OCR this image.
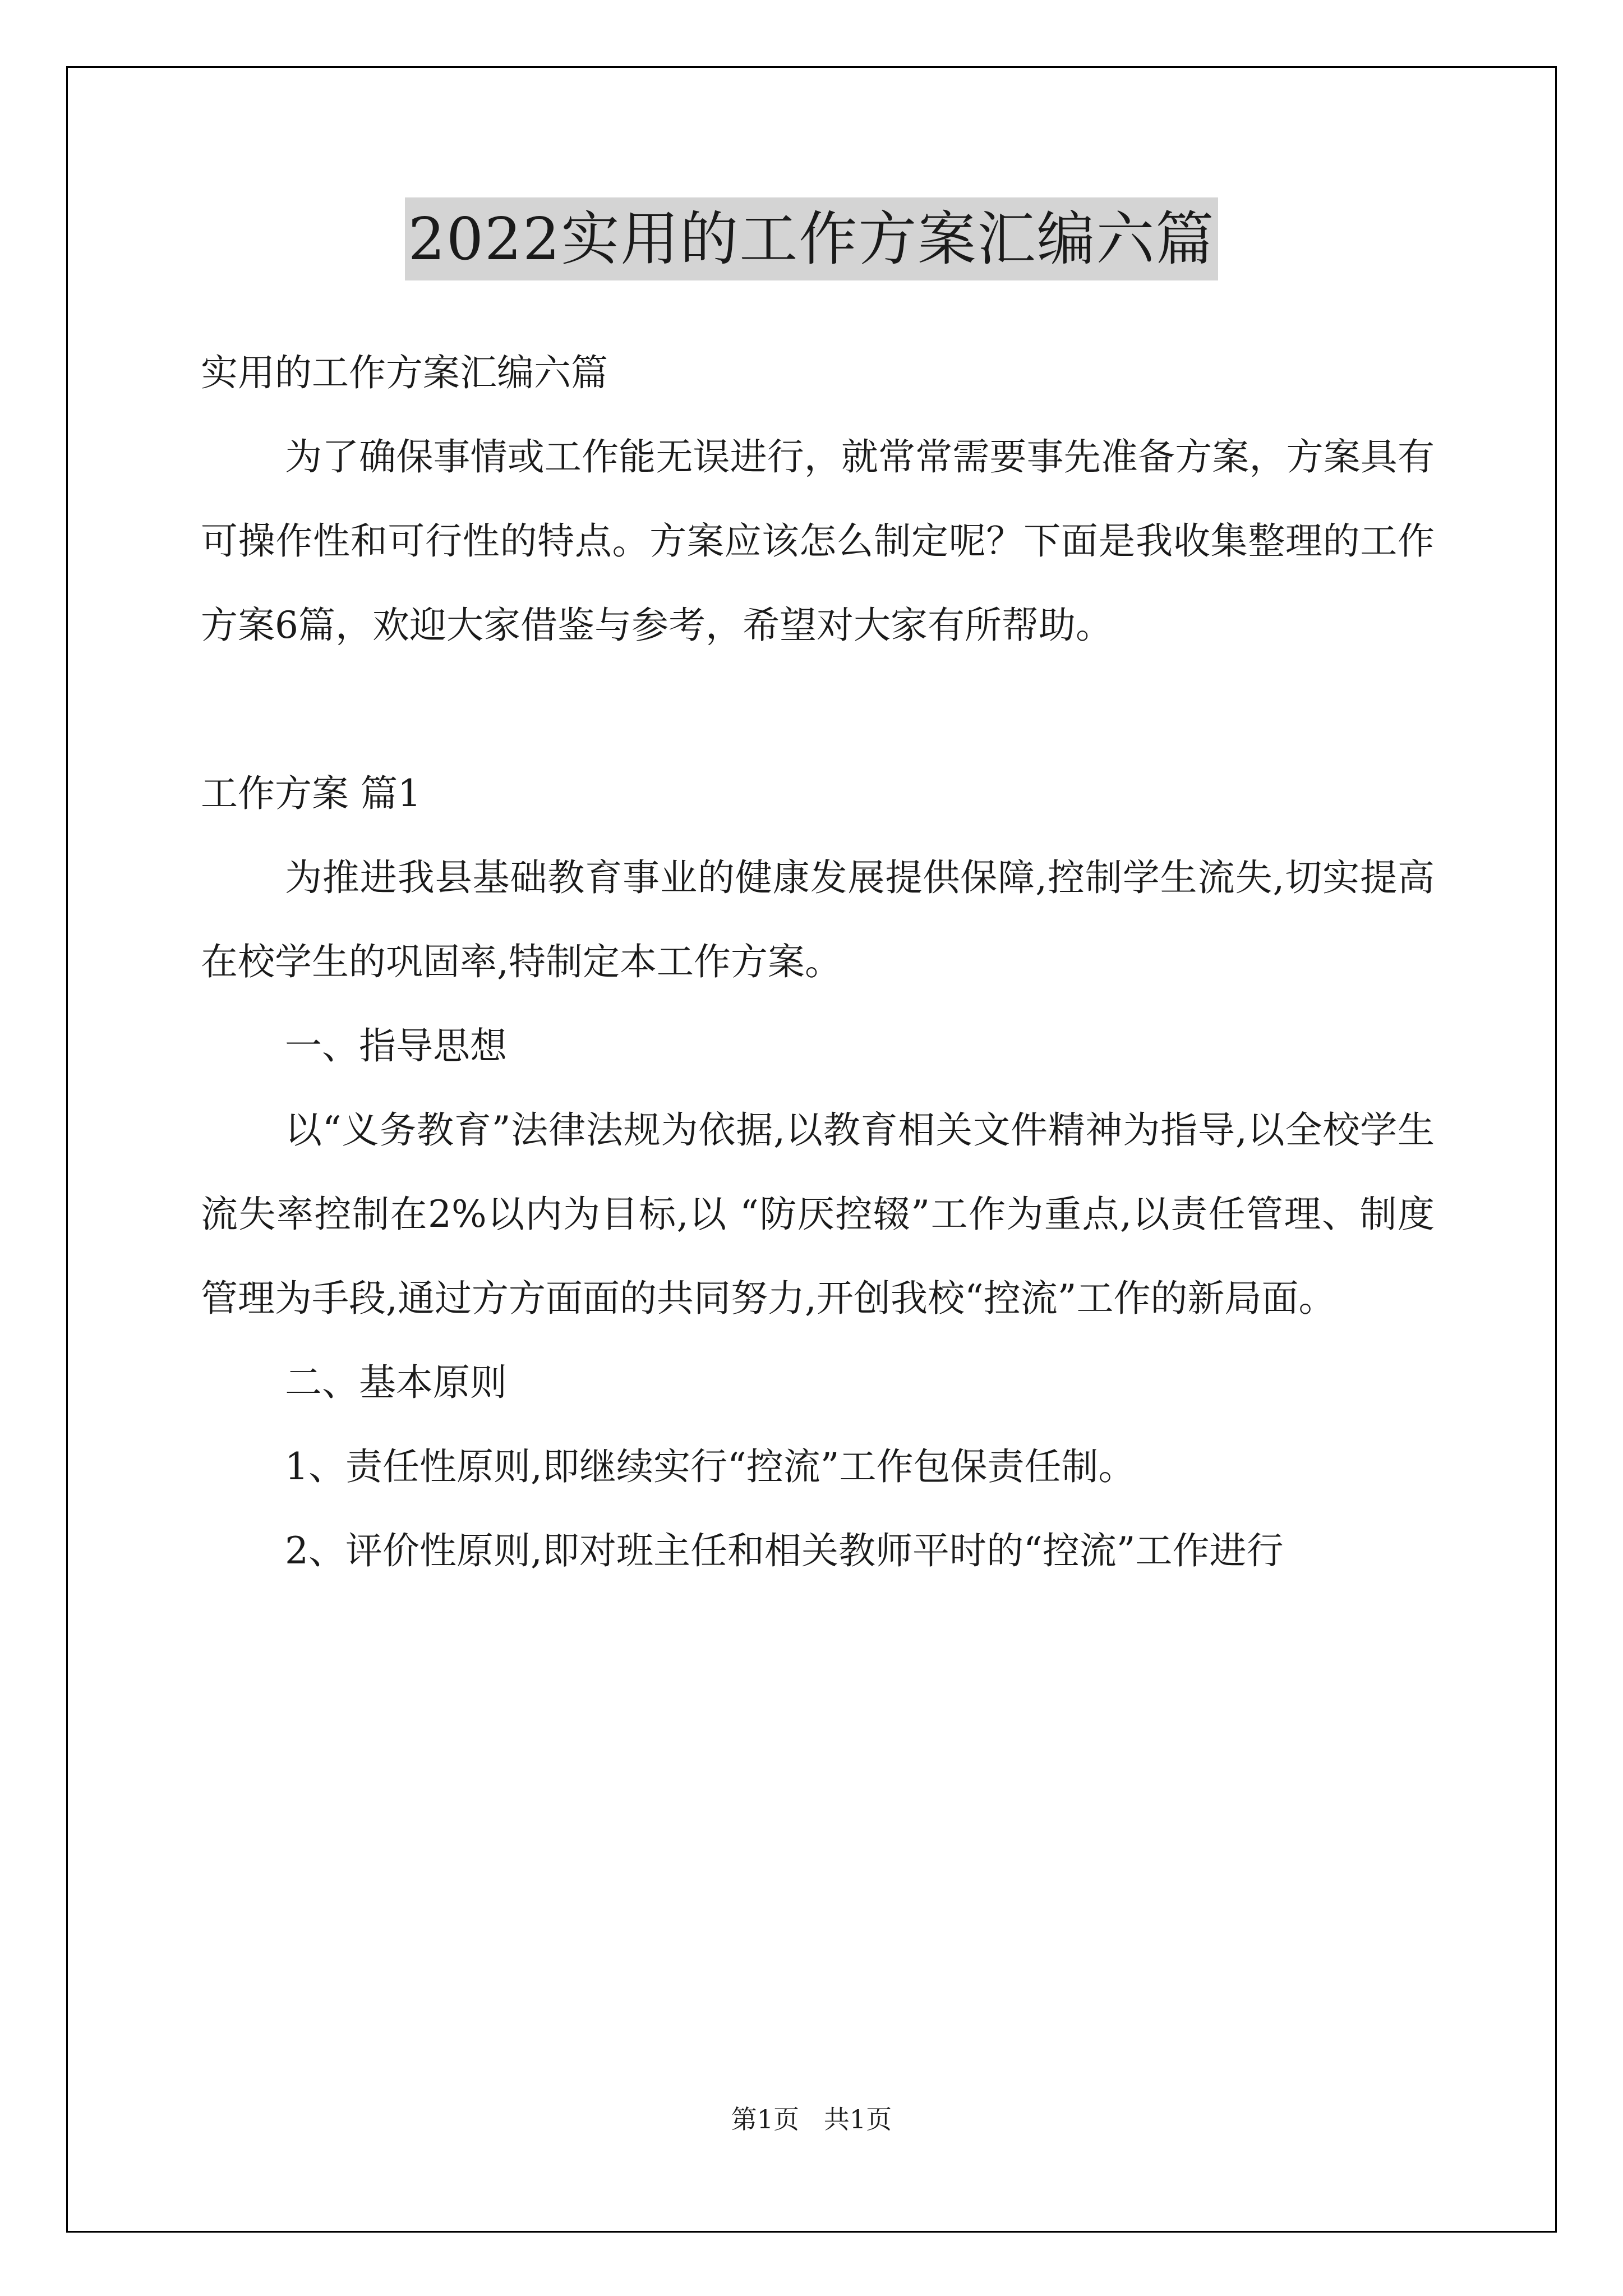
2022实用的工作方案汇编六篇

实用的工作方案汇编六篇

为了确保事情或工作能无误进行，就常常需要事先准备方案，方案具有可操作性和可行性的特点。方案应该怎么制定呢？下面是我收集整理的工作方案6篇，欢迎大家借鉴与参考，希望对大家有所帮助。

工作方案 篇1

为推进我县基础教育事业的健康发展提供保障,控制学生流失,切实提高在校学生的巩固率,特制定本工作方案。

一、指导思想

以“义务教育”法律法规为依据,以教育相关文件精神为指导,以全校学生流失率控制在2%以内为目标,以 “防厌控辍”工作为重点,以责任管理、制度管理为手段,通过方方面面的共同努力,开创我校“控流”工作的新局面。

二、基本原则

1、责任性原则,即继续实行“控流”工作包保责任制。

2、评价性原则,即对班主任和相关教师平时的“控流”工作进行

第1页   共1页
